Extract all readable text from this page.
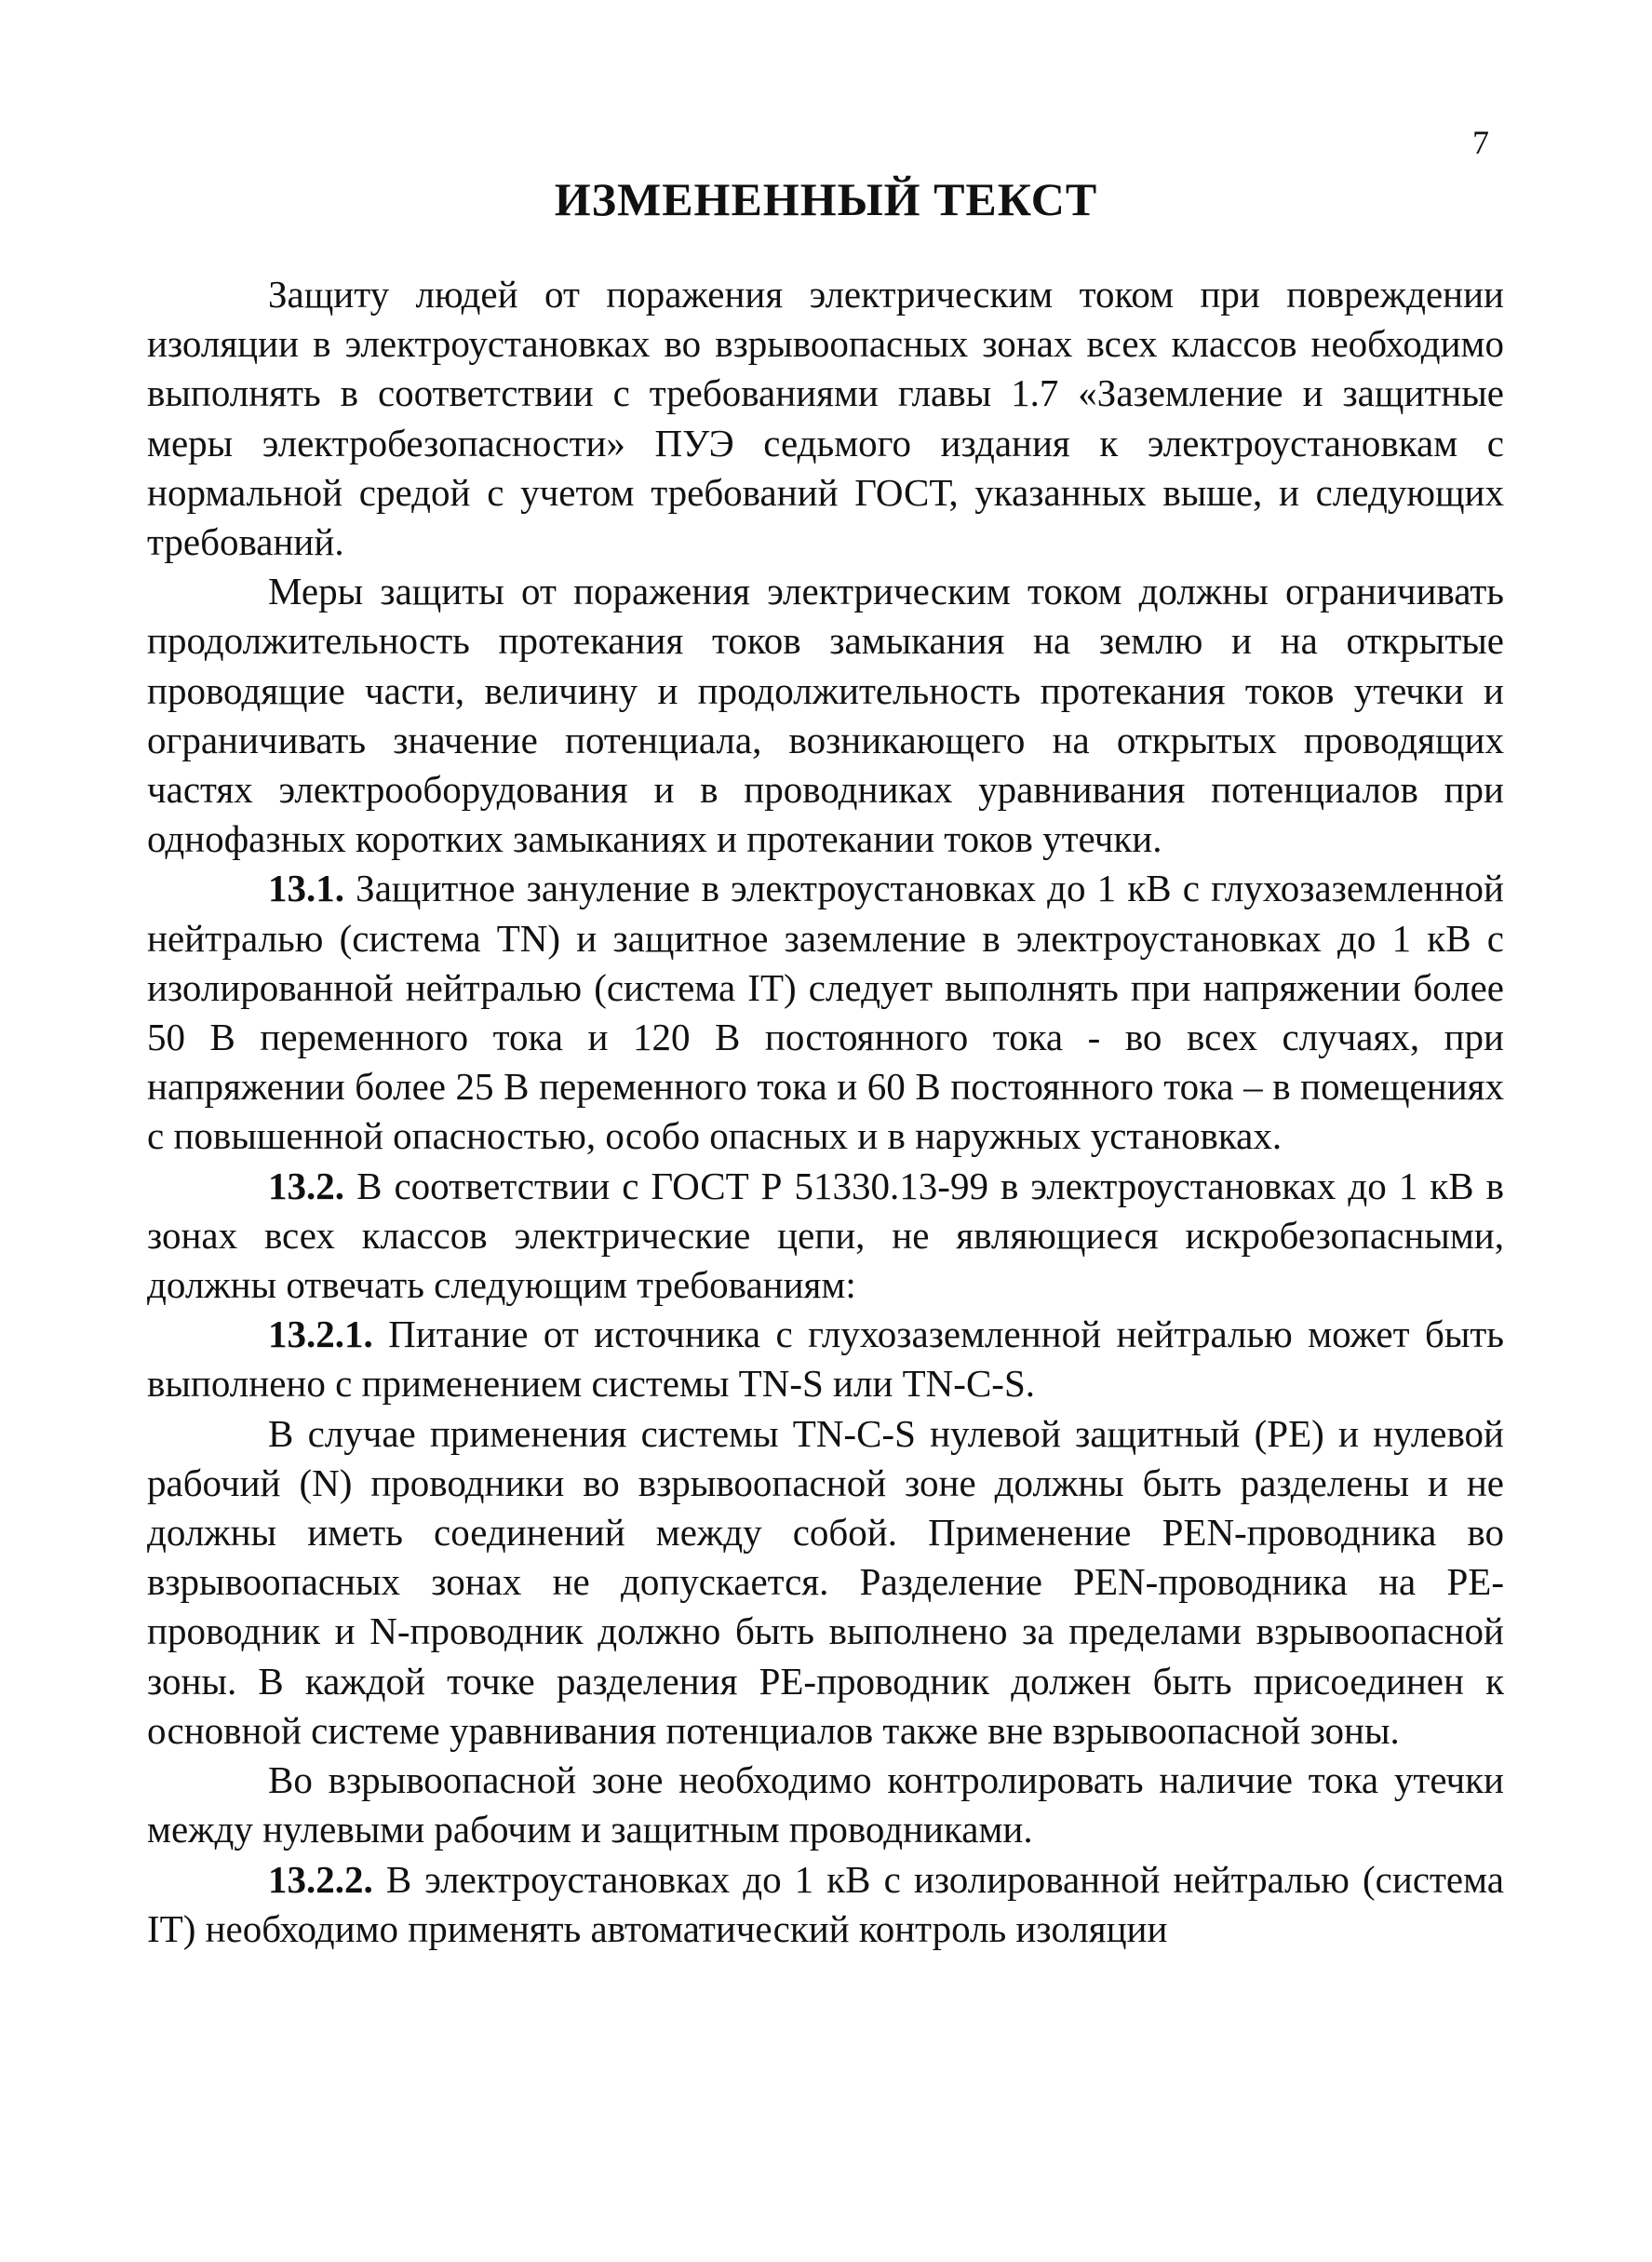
7
ИЗМЕНЕННЫЙ ТЕКСТ

Защиту людей от поражения электрическим током при повреждении изоляции в электроустановках во взрывоопасных зонах всех классов необходимо выполнять в соответствии с требованиями главы 1.7 «Заземление и защитные меры электробезопасности» ПУЭ седьмого издания к электроустановкам с нормальной средой с учетом требований ГОСТ, указанных выше, и следующих требований.

Меры защиты от поражения электрическим током должны ограничивать продолжительность протекания токов замыкания на землю и на открытые проводящие части, величину и продолжительность протекания токов утечки и ограничивать значение потенциала, возникающего на открытых проводящих частях электрооборудования и в проводниках уравнивания потенциалов при однофазных коротких замыканиях и протекании токов утечки.

13.1. Защитное зануление в электроустановках до 1 кВ с глухозаземленной нейтралью (система TN) и защитное заземление в электроустановках до 1 кВ с изолированной нейтралью (система IT) следует выполнять при напряжении более 50 В переменного тока и 120 В постоянного тока - во всех случаях, при напряжении более 25 В переменного тока и 60 В постоянного тока – в помещениях с повышенной опасностью, особо опасных и в наружных установках.

13.2. В соответствии с ГОСТ Р 51330.13-99 в электроустановках до 1 кВ в зонах всех классов электрические цепи, не являющиеся искробезопасными, должны отвечать следующим требованиям:

13.2.1. Питание от источника с глухозаземленной нейтралью может быть выполнено с применением системы TN-S или TN-C-S.

В случае применения системы TN-C-S нулевой защитный (PE) и нулевой рабочий (N) проводники во взрывоопасной зоне должны быть разделены и не должны иметь соединений между собой. Применение PEN-проводника во взрывоопасных зонах не допускается. Разделение PEN-проводника на PE-проводник и N-проводник должно быть выполнено за пределами взрывоопасной зоны. В каждой точке разделения PE-проводник должен быть присоединен к основной системе уравнивания потенциалов также вне взрывоопасной зоны.

Во взрывоопасной зоне необходимо контролировать наличие тока утечки между нулевыми рабочим и защитным проводниками.

13.2.2. В электроустановках до 1 кВ с изолированной нейтралью (система IT) необходимо применять автоматический контроль изоляции
